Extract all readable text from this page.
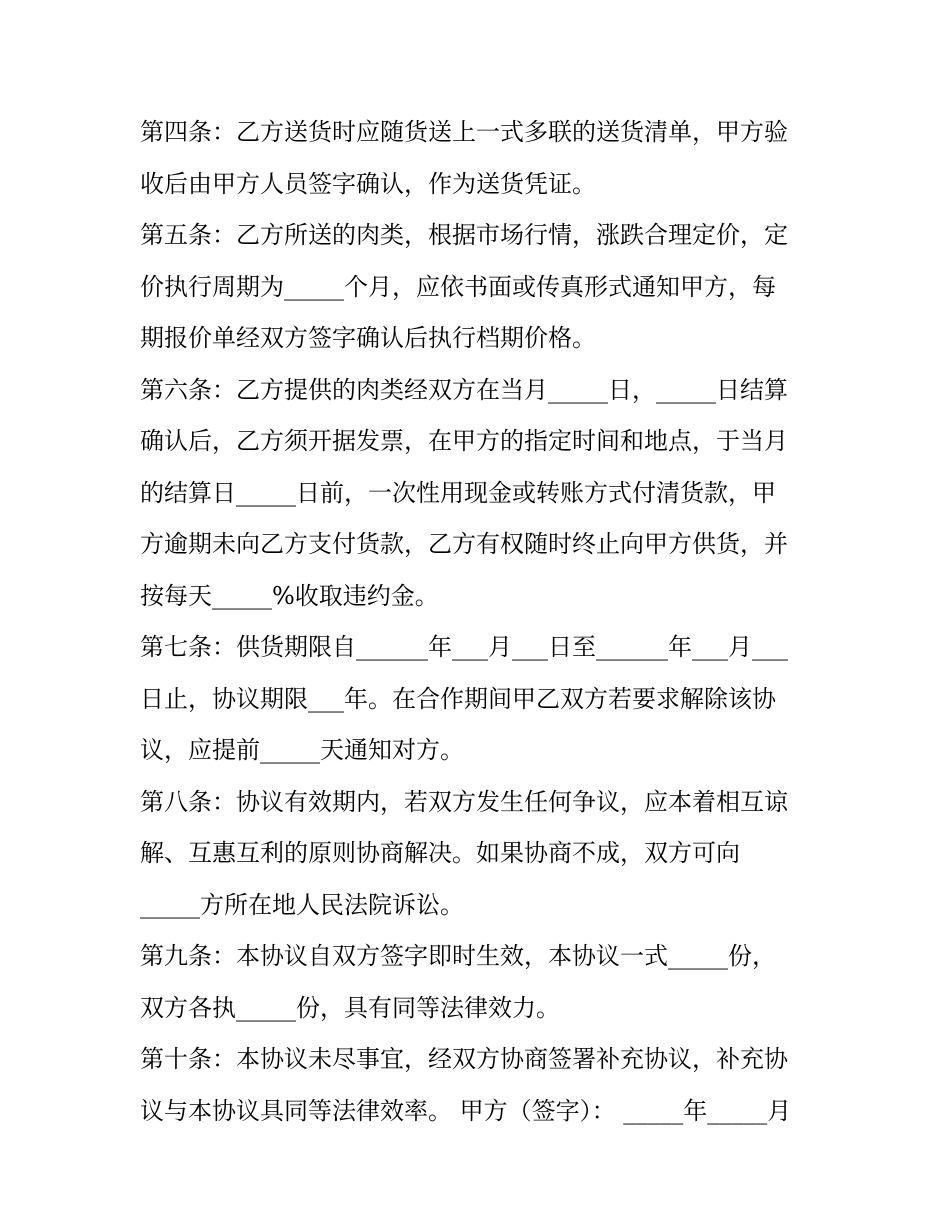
第四条：乙方送货时应随货送上一式多联的送货清单，甲方验
收后由甲方人员签字确认，作为送货凭证。
第五条：乙方所送的肉类，根据市场行情，涨跌合理定价，定
价执行周期为_____个月，应依书面或传真形式通知甲方，每
期报价单经双方签字确认后执行档期价格。
第六条：乙方提供的肉类经双方在当月_____日，_____日结算
确认后，乙方须开据发票，在甲方的指定时间和地点，于当月
的结算日_____日前，一次性用现金或转账方式付清货款，甲
方逾期未向乙方支付货款，乙方有权随时终止向甲方供货，并
按每天_____%收取违约金。
第七条：供货期限自______年___月___日至______年___月___
日止，协议期限___年。在合作期间甲乙双方若要求解除该协
议，应提前_____天通知对方。
第八条：协议有效期内，若双方发生任何争议，应本着相互谅
解、互惠互利的原则协商解决。如果协商不成，双方可向
_____方所在地人民法院诉讼。
第九条：本协议自双方签字即时生效，本协议一式_____份，
双方各执_____份，具有同等法律效力。
第十条：本协议未尽事宜，经双方协商签署补充协议，补充协
议与本协议具同等法律效率。 甲方（签字）： _____年_____月
